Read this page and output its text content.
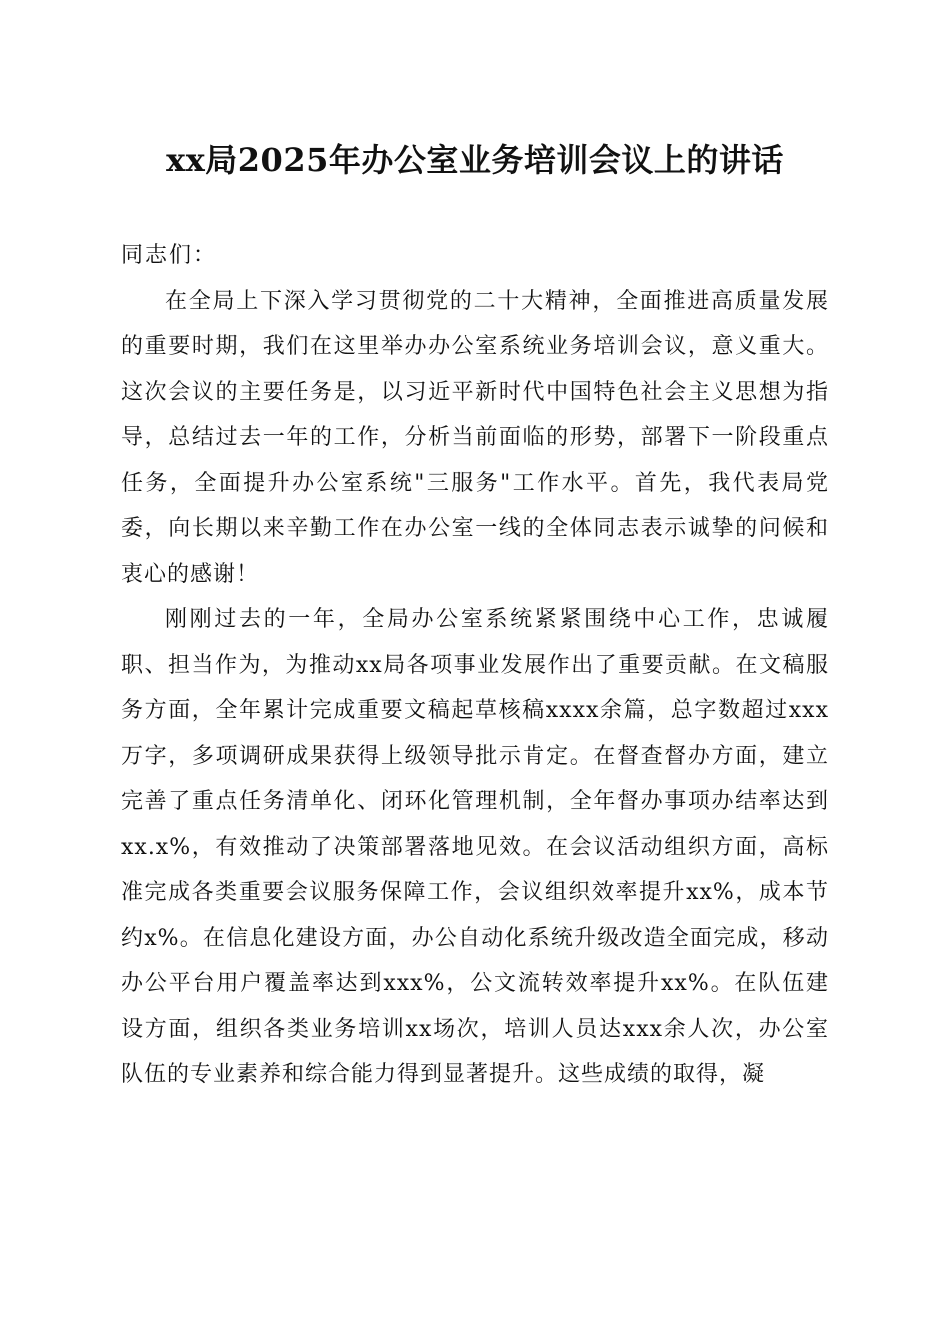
xx局2025年办公室业务培训会议上的讲话

同志们：

在全局上下深入学习贯彻党的二十大精神，全面推进高质量发展的重要时期，我们在这里举办办公室系统业务培训会议，意义重大。这次会议的主要任务是，以习近平新时代中国特色社会主义思想为指导，总结过去一年的工作，分析当前面临的形势，部署下一阶段重点任务，全面提升办公室系统"三服务"工作水平。首先，我代表局党委，向长期以来辛勤工作在办公室一线的全体同志表示诚挚的问候和衷心的感谢！

刚刚过去的一年，全局办公室系统紧紧围绕中心工作，忠诚履职、担当作为，为推动xx局各项事业发展作出了重要贡献。在文稿服务方面，全年累计完成重要文稿起草核稿xxxx余篇，总字数超过xxx万字，多项调研成果获得上级领导批示肯定。在督查督办方面，建立完善了重点任务清单化、闭环化管理机制，全年督办事项办结率达到xx.x%，有效推动了决策部署落地见效。在会议活动组织方面，高标准完成各类重要会议服务保障工作，会议组织效率提升xx%，成本节约x%。在信息化建设方面，办公自动化系统升级改造全面完成，移动办公平台用户覆盖率达到xxx%，公文流转效率提升xx%。在队伍建设方面，组织各类业务培训xx场次，培训人员达xxx余人次，办公室队伍的专业素养和综合能力得到显著提升。这些成绩的取得，凝
